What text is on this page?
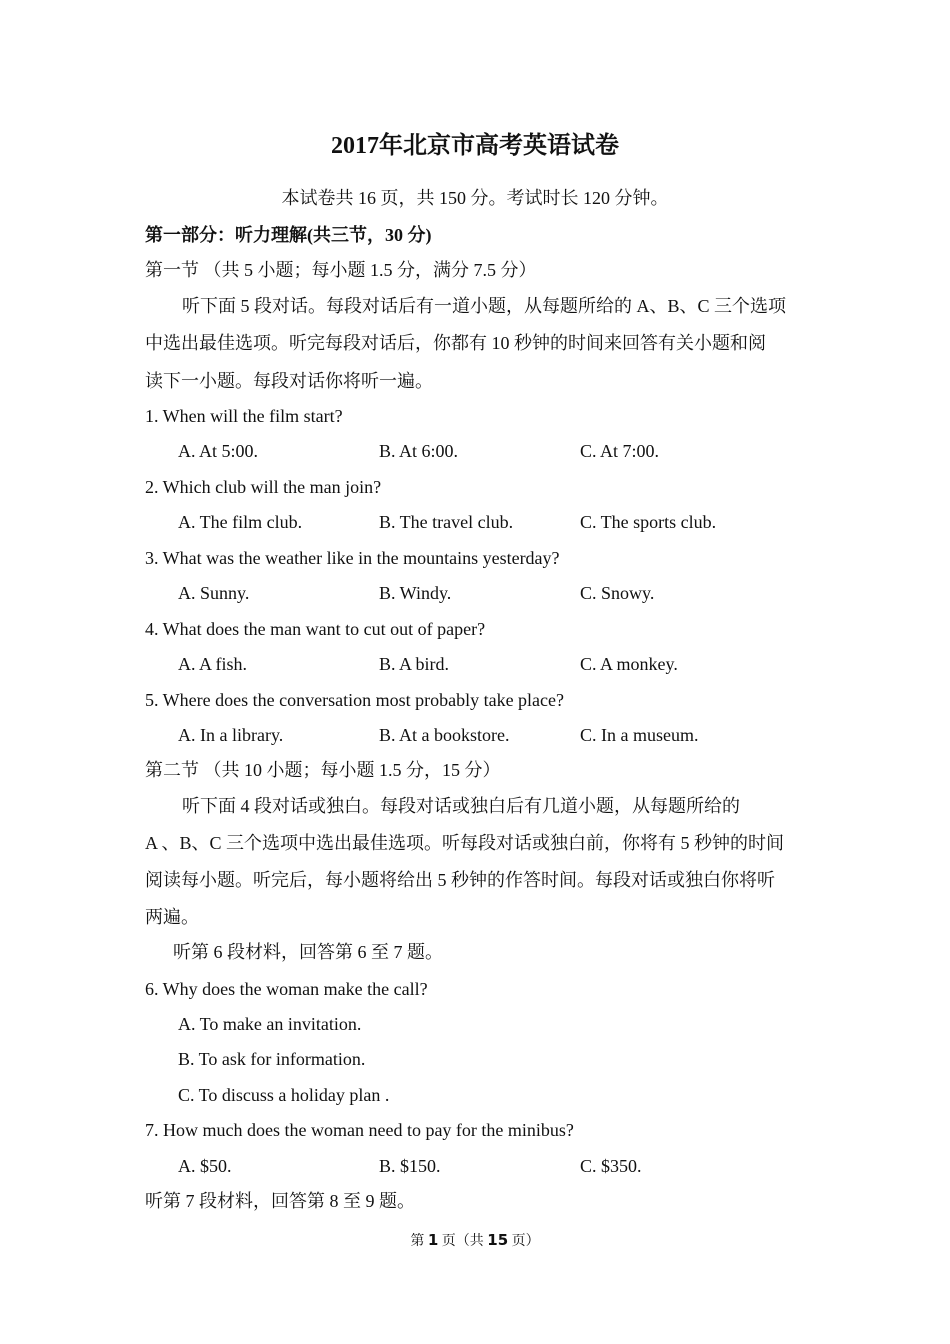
2017年北京市高考英语试卷
本试卷共 16 页，共 150 分。考试时长 120 分钟。
第一部分：听力理解(共三节，30 分)
第一节 （共 5 小题；每小题 1.5 分，满分 7.5 分）
听下面 5 段对话。每段对话后有一道小题，从每题所给的 A、B、C 三个选项
中选出最佳选项。听完每段对话后，你都有 10 秒钟的时间来回答有关小题和阅
读下一小题。每段对话你将听一遍。
1. When will the film start?
A. At 5:00.	B. At 6:00.	C. At 7:00.
2. Which club will the man join?
A. The film club.	B. The travel club.	C. The sports club.
3. What was the weather like in the mountains yesterday?
A. Sunny.	B. Windy.	C. Snowy.
4. What does the man want to cut out of paper?
A. A fish.	B. A bird.	C. A monkey.
5. Where does the conversation most probably take place?
A. In a library.	B. At a bookstore.	C. In a museum.
第二节 （共 10 小题；每小题 1.5 分，15 分）
听下面 4 段对话或独白。每段对话或独白后有几道小题，从每题所给的
A 、B、C 三个选项中选出最佳选项。听每段对话或独白前，你将有 5 秒钟的时间
阅读每小题。听完后，每小题将给出 5 秒钟的作答时间。每段对话或独白你将听
两遍。
听第 6 段材料，回答第 6 至 7 题。
6. Why does the woman make the call?
A. To make an invitation.
B. To ask for information.
C. To discuss a holiday plan .
7. How much does the woman need to pay for the minibus?
A. $50.	B. $150.	C. $350.
听第 7 段材料，回答第 8 至 9 题。
第 1 页（共 15 页）
